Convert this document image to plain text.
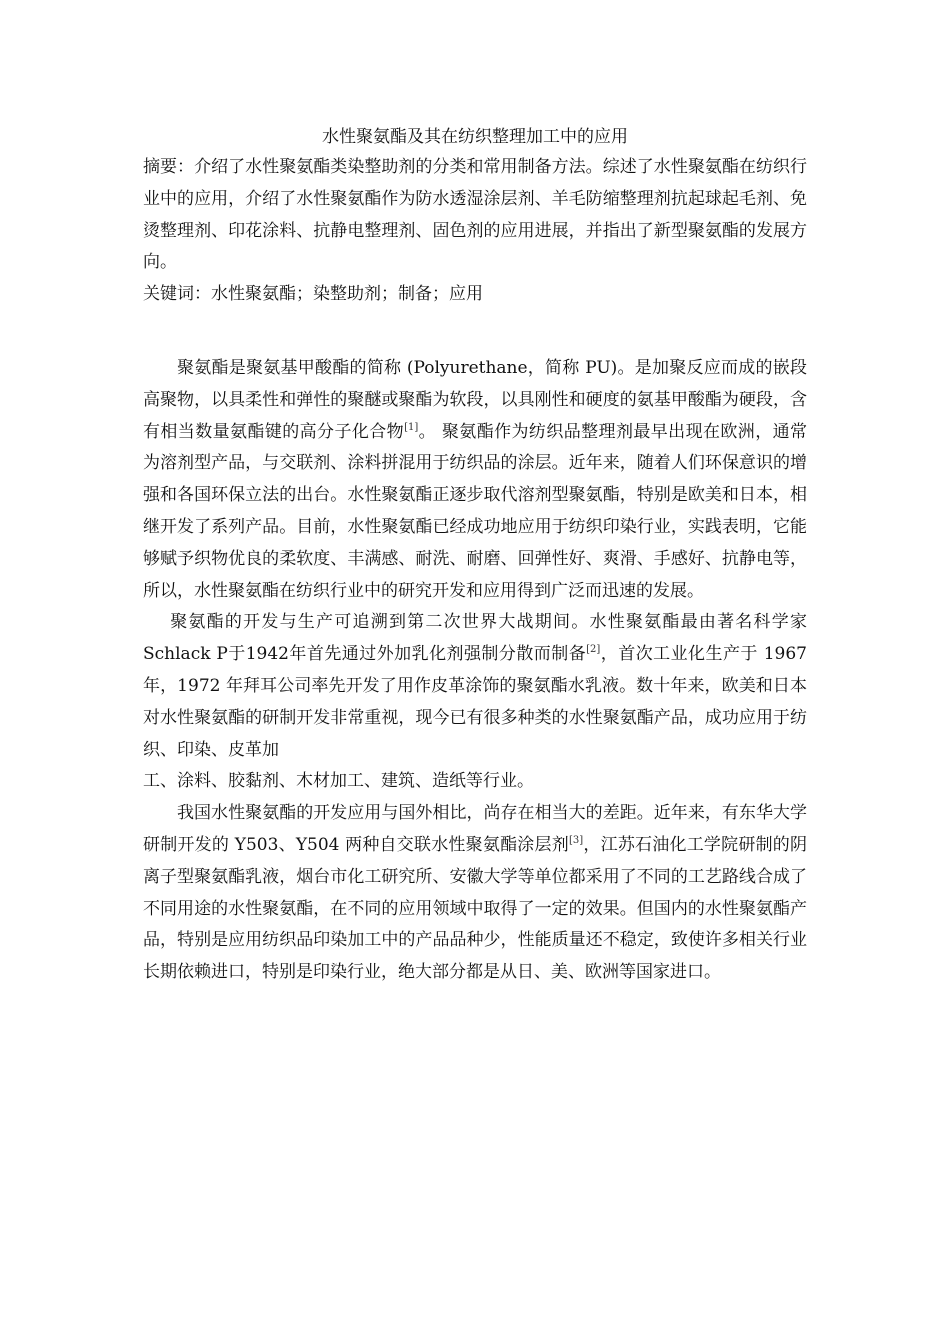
水性聚氨酯及其在纺织整理加工中的应用

摘要：介绍了水性聚氨酯类染整助剂的分类和常用制备方法。综述了水性聚氨酯在纺织行业中的应用，介绍了水性聚氨酯作为防水透湿涂层剂、羊毛防缩整理剂抗起球起毛剂、免烫整理剂、印花涂料、抗静电整理剂、固色剂的应用进展，并指出了新型聚氨酯的发展方向。

关键词：水性聚氨酯；染整助剂；制备；应用

聚氨酯是聚氨基甲酸酯的简称 (Polyurethane，简称 PU)。是加聚反应而成的嵌段高聚物，以具柔性和弹性的聚醚或聚酯为软段，以具刚性和硬度的氨基甲酸酯为硬段，含有相当数量氨酯键的高分子化合物[1]。 聚氨酯作为纺织品整理剂最早出现在欧洲，通常为溶剂型产品，与交联剂、涂料拼混用于纺织品的涂层。近年来，随着人们环保意识的增强和各国环保立法的出台。水性聚氨酯正逐步取代溶剂型聚氨酯，特别是欧美和日本，相继开发了系列产品。目前，水性聚氨酯已经成功地应用于纺织印染行业，实践表明，它能够赋予织物优良的柔软度、丰满感、耐洗、耐磨、回弹性好、爽滑、手感好、抗静电等，所以，水性聚氨酯在纺织行业中的研究开发和应用得到广泛而迅速的发展。

聚氨酯的开发与生产可追溯到第二次世界大战期间。水性聚氨酯最由著名科学家Schlack P于1942年首先通过外加乳化剂强制分散而制备[2]，首次工业化生产于 1967 年，1972 年拜耳公司率先开发了用作皮革涂饰的聚氨酯水乳液。数十年来，欧美和日本对水性聚氨酯的研制开发非常重视，现今已有很多种类的水性聚氨酯产品，成功应用于纺织、印染、皮革加

工、涂料、胶黏剂、木材加工、建筑、造纸等行业。

我国水性聚氨酯的开发应用与国外相比，尚存在相当大的差距。近年来，有东华大学研制开发的 Y503、Y504 两种自交联水性聚氨酯涂层剂[3]，江苏石油化工学院研制的阴离子型聚氨酯乳液，烟台市化工研究所、安徽大学等单位都采用了不同的工艺路线合成了不同用途的水性聚氨酯，在不同的应用领域中取得了一定的效果。但国内的水性聚氨酯产品，特别是应用纺织品印染加工中的产品品种少，性能质量还不稳定，致使许多相关行业长期依赖进口，特别是印染行业，绝大部分都是从日、美、欧洲等国家进口。
